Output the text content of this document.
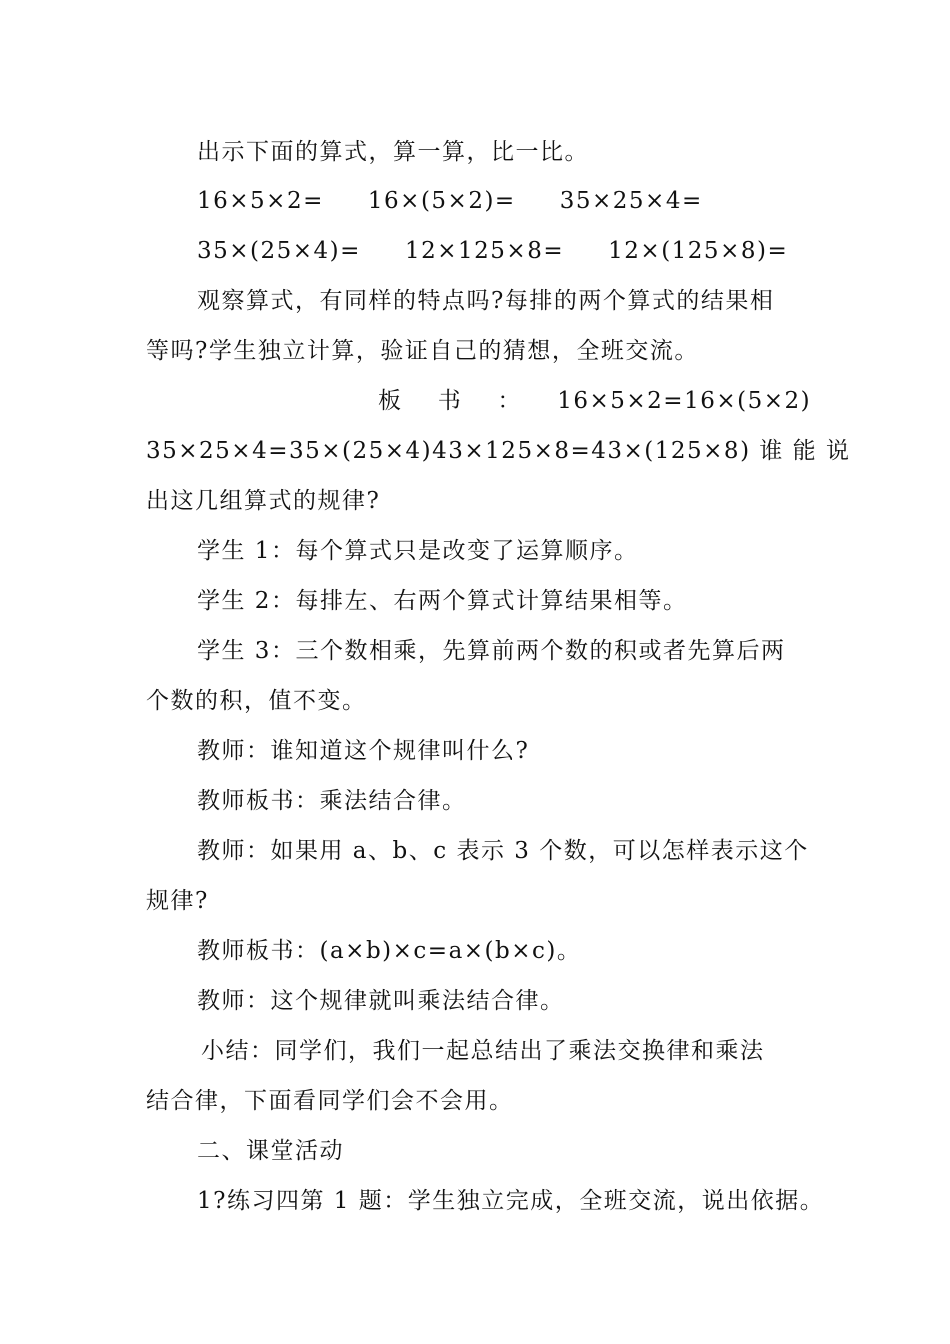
出示下面的算式，算一算，比一比。
16×5×2=     16×(5×2)=     35×25×4=
35×(25×4)=     12×125×8=     12×(125×8)=
观察算式，有同样的特点吗?每排的两个算式的结果相
等吗?学生独立计算，验证自己的猜想，全班交流。
板    书    ：    16×5×2=16×(5×2)
35×25×4=35×(25×4)43×125×8=43×(125×8) 谁 能 说
出这几组算式的规律?
学生 1：每个算式只是改变了运算顺序。
学生 2：每排左、右两个算式计算结果相等。
学生 3：三个数相乘，先算前两个数的积或者先算后两
个数的积，值不变。
教师：谁知道这个规律叫什么?
教师板书：乘法结合律。
教师：如果用 a、b、c 表示 3 个数，可以怎样表示这个
规律?
教师板书：(a×b)×c=a×(b×c)。
教师：这个规律就叫乘法结合律。
小结：同学们，我们一起总结出了乘法交换律和乘法
结合律，下面看同学们会不会用。
二、课堂活动
1?练习四第 1 题：学生独立完成，全班交流，说出依据。
